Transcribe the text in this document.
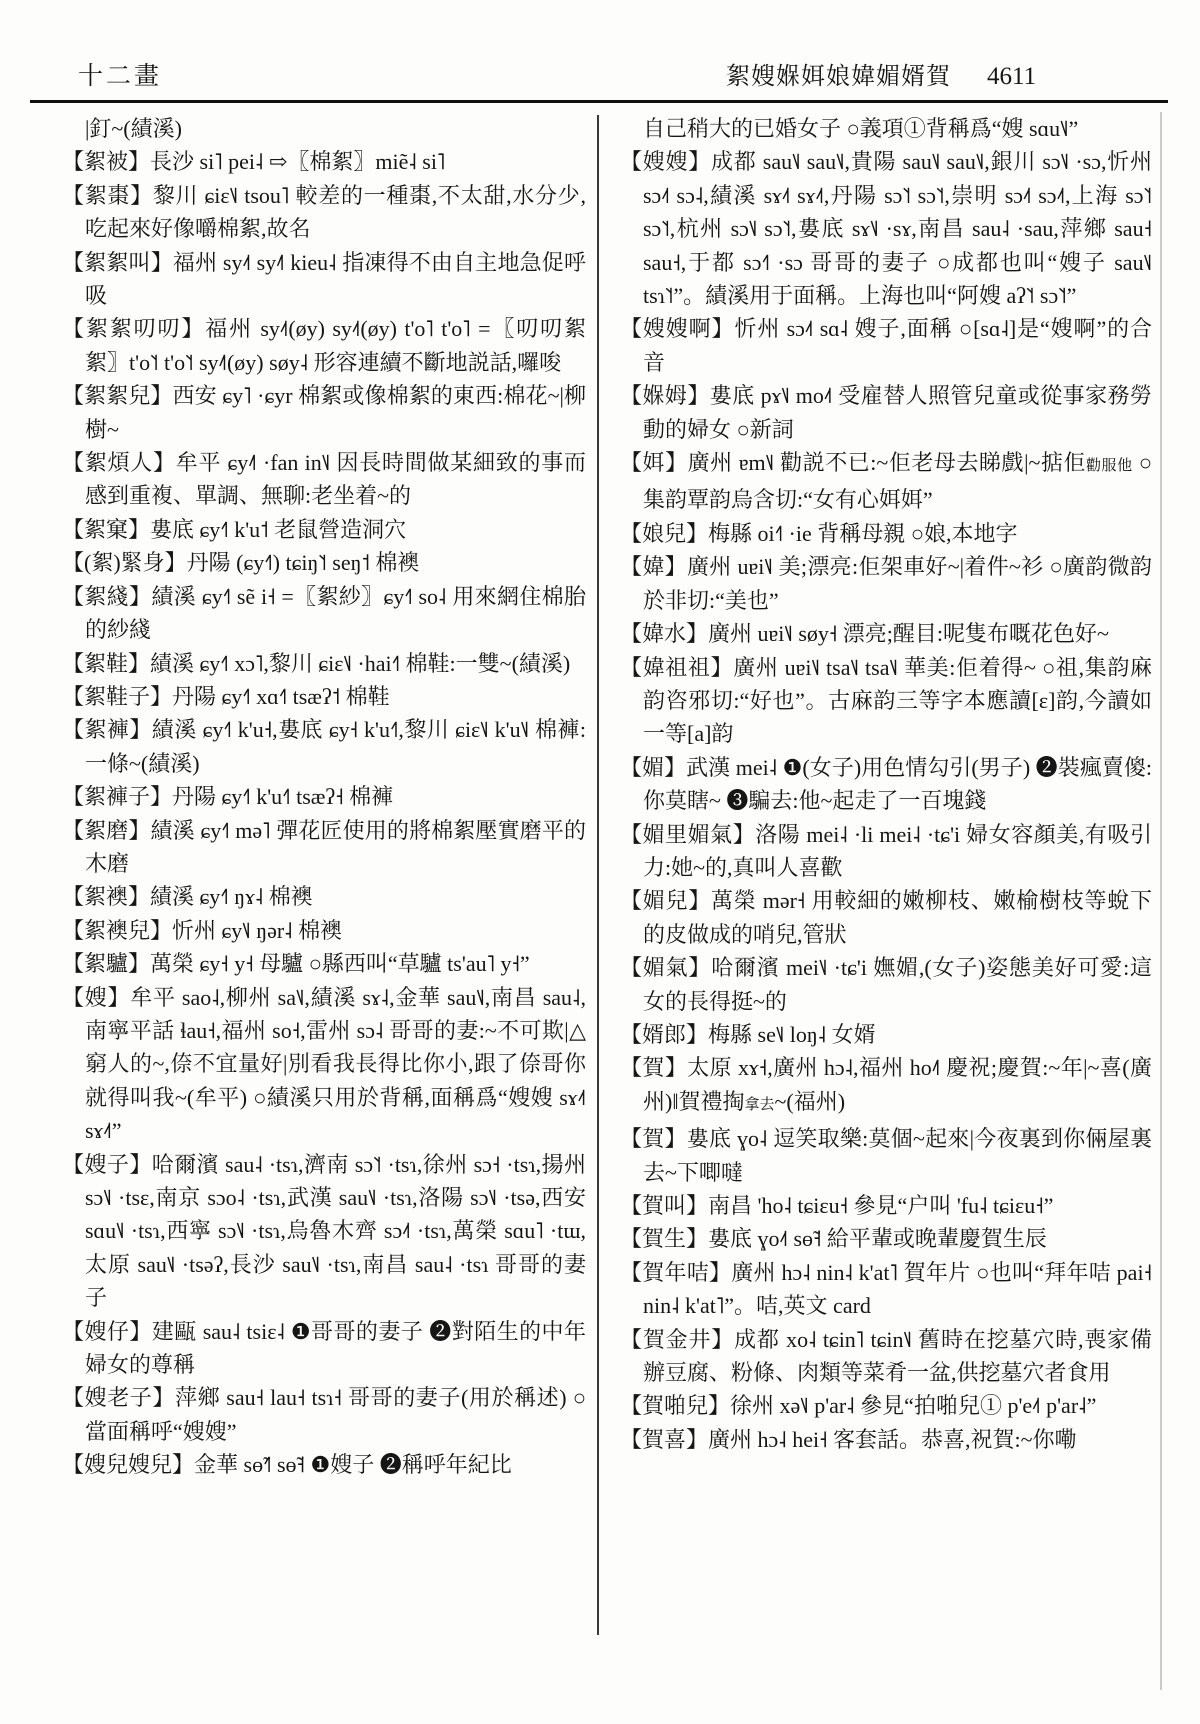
十二畫	絮嫂媬㛅娘媁媚婿賀 4611

|釘~(績溪)

【絮被】長沙 si˥ pei˨ ⇨〖棉絮〗miẽ˨ si˥

【絮棗】黎川 ɕiɛ˥˩ tsou˥ 較差的一種棗,不太甜,水分少,吃起來好像嚼棉絮,故名

【絮絮叫】福州 sy˨˦ sy˨˥ kieu˨ 指凍得不由自主地急促呼吸

【絮絮叨叨】福州 sy˨˦(øy) sy˨˦(øy) t'o˥ t'o˥ =〖叨叨絮絮〗t'o˥˦ t'o˥˦ sy˨˥(øy) søy˨ 形容連續不斷地説話,囉唆

【絮絮兒】西安 ɕy˥ ·ɕyr 棉絮或像棉絮的東西:棉花~|柳樹~

【絮煩人】牟平 ɕy˨˥ ·fan in˥˩ 因長時間做某細致的事而感到重複、單調、無聊:老坐着~的

【絮窠】婁底 ɕy˧˥ k'u˦ 老鼠營造洞穴

【(絮)緊身】丹陽 (ɕy˧˥) tɕiŋ˥˦ seŋ˦ 棉襖

【絮綫】績溪 ɕy˧˥ sẽ i˧ =〖絮紗〗ɕy˧˥ so˨ 用來網住棉胎的紗綫

【絮鞋】績溪 ɕy˧˥ xɔ˥,黎川 ɕiɛ˥˩ ·hai˧˥ 棉鞋:一雙~(績溪)

【絮鞋子】丹陽 ɕy˧˥ xɑ˧˥ tsæʔ˦ 棉鞋

【絮褲】績溪 ɕy˧˥ k'u˧,婁底 ɕy˧ k'u˧˥,黎川 ɕiɛ˥˩ k'u˥˩ 棉褲:一條~(績溪)

【絮褲子】丹陽 ɕy˧˥ k'u˧˥ tsæʔ˧ 棉褲

【絮磨】績溪 ɕy˧˥ mə˥ 彈花匠使用的將棉絮壓實磨平的木磨

【絮襖】績溪 ɕy˧˥ ŋɤ˨ 棉襖

【絮襖兒】忻州 ɕy˥˩ ŋər˨ 棉襖

【絮驢】萬榮 ɕy˧ y˧ 母驢 ○縣西叫“草驢 ts'au˥ y˧”

【嫂】牟平 sao˨,柳州 sa˥˩,績溪 sɤ˨,金華 sau˥˩,南昌 sau˨,南寧平話 ɬau˧,福州 so˧,雷州 sɔ˨ 哥哥的妻:~不可欺|△窮人的~,倷不宜量好|別看我長得比你小,跟了倷哥你就得叫我~(牟平) ○績溪只用於背稱,面稱爲“嫂嫂 sɤ˨˦ sɤ˨˦”

【嫂子】哈爾濱 sau˨ ·tsɿ,濟南 sɔ˥˦ ·tsɿ,徐州 sɔ˧ ·tsɿ,揚州 sɔ˥˩ ·tsɛ,南京 sɔo˨ ·tsɿ,武漢 sau˥˩ ·tsɿ,洛陽 sɔ˥˩ ·tsə,西安 sɑu˥˩ ·tsɿ,西寧 sɔ˥˩ ·tsɿ,烏魯木齊 sɔ˨˦ ·tsɿ,萬榮 sɑu˥ ·tɯ,太原 sau˥˩ ·tsəʔ,長沙 sau˥˩ ·tsɿ,南昌 sau˨ ·tsɿ 哥哥的妻子

【嫂仔】建甌 sau˨ tsiɛ˨ ❶哥哥的妻子 ❷對陌生的中年婦女的尊稱

【嫂老子】萍鄉 sau˧ lau˧ tsɿ˧ 哥哥的妻子(用於稱述) ○當面稱呼“嫂嫂”

【嫂兒嫂兒】金華 sɵ̃˧˥ sɵ̃˧ ❶嫂子 ❷稱呼年紀比

自己稍大的已婚女子 ○義項①背稱爲“嫂 sɑu˥˩”

【嫂嫂】成都 sau˥˩ sau˥˩,貴陽 sau˥˩ sau˥˩,銀川 sɔ˥˩ ·sɔ,忻州 sɔ˨˦ sɔ˨,績溪 sɤ˨˦ sɤ˨˦,丹陽 sɔ˥˦ sɔ˥˦,崇明 sɔ˨˦ sɔ˨˦,上海 sɔ˥˦ sɔ˥˦,杭州 sɔ˥˩ sɔ˥˦,婁底 sɤ˥˩ ·sɤ,南昌 sau˨ ·sau,萍鄉 sau˧ sau˧,于都 sɔ˧˥ ·sɔ 哥哥的妻子 ○成都也叫“嫂子 sau˥˩ tsɿ˥˦”。績溪用于面稱。上海也叫“阿嫂 aʔ˥˦ sɔ˥˦”

【嫂嫂啊】忻州 sɔ˨˦ sɑ˨ 嫂子,面稱 ○[sɑ˨]是“嫂啊”的合音

【媬姆】婁底 pɤ˥˩ mo˨˦ 受雇替人照管兒童或從事家務勞動的婦女 ○新詞

【㛅】廣州 ɐm˥˩ 勸説不已:~佢老母去睇戲|~掂佢勸服他 ○集韵覃韵烏含切:“女有心㛅㛅”

【娘兒】梅縣 oi˧˥ ·ie 背稱母親 ○娘,本地字

【媁】廣州 uɐi˥˩ 美;漂亮:佢架車好~|着件~衫 ○廣韵微韵於非切:“美也”

【媁水】廣州 uɐi˥˩ søy˧ 漂亮;醒目:呢隻布嘅花色好~

【媁祖祖】廣州 uɐi˥˩ tsa˥˩ tsa˥˩ 華美:佢着得~ ○祖,集韵麻韵咨邪切:“好也”。古麻韵三等字本應讀[ɛ]韵,今讀如一等[a]韵

【媚】武漢 mei˨ ❶(女子)用色情勾引(男子) ❷裝瘋賣傻:你莫瞎~ ❸騙去:他~起走了一百塊錢

【媚里媚氣】洛陽 mei˨ ·li mei˨ ·tɕ'i 婦女容顏美,有吸引力:她~的,真叫人喜歡

【媚兒】萬榮 mər˧ 用較細的嫩柳枝、嫩榆樹枝等蛻下的皮做成的哨兒,管狀

【媚氣】哈爾濱 mei˥˩ ·tɕ'i 嫵媚,(女子)姿態美好可愛:這女的長得挺~的

【婿郎】梅縣 se˥˩ loŋ˨ 女婿

【賀】太原 xɤ˧,廣州 hɔ˨,福州 ho˨˥ 慶祝;慶賀:~年|~喜(廣州)‖賀禮掏拿去~(福州)

【賀】婁底 ɣo˨ 逗笑取樂:莫個~起來|今夜裏到你倆屋裏去~下唧噠

【賀叫】南昌 'ho˨ tɕiɛu˧ 參見“户叫 'fu˨ tɕiɛu˧”

【賀生】婁底 ɣo˨˦ sɵ̃˧ 給平輩或晚輩慶賀生辰

【賀年咭】廣州 hɔ˨ nin˨ k'at˥ 賀年片 ○也叫“拜年咭 pai˧ nin˨ k'at˥”。咭,英文 card

【賀金井】成都 xo˨ tɕin˥ tɕin˥˩ 舊時在挖墓穴時,喪家備辦豆腐、粉條、肉類等菜肴一盆,供挖墓穴者食用

【賀啪兒】徐州 xə˥˩ p'ar˨ 參見“拍啪兒① p'e˨˦ p'ar˨”

【賀喜】廣州 hɔ˨ hei˧ 客套話。恭喜,祝賀:~你嘞
